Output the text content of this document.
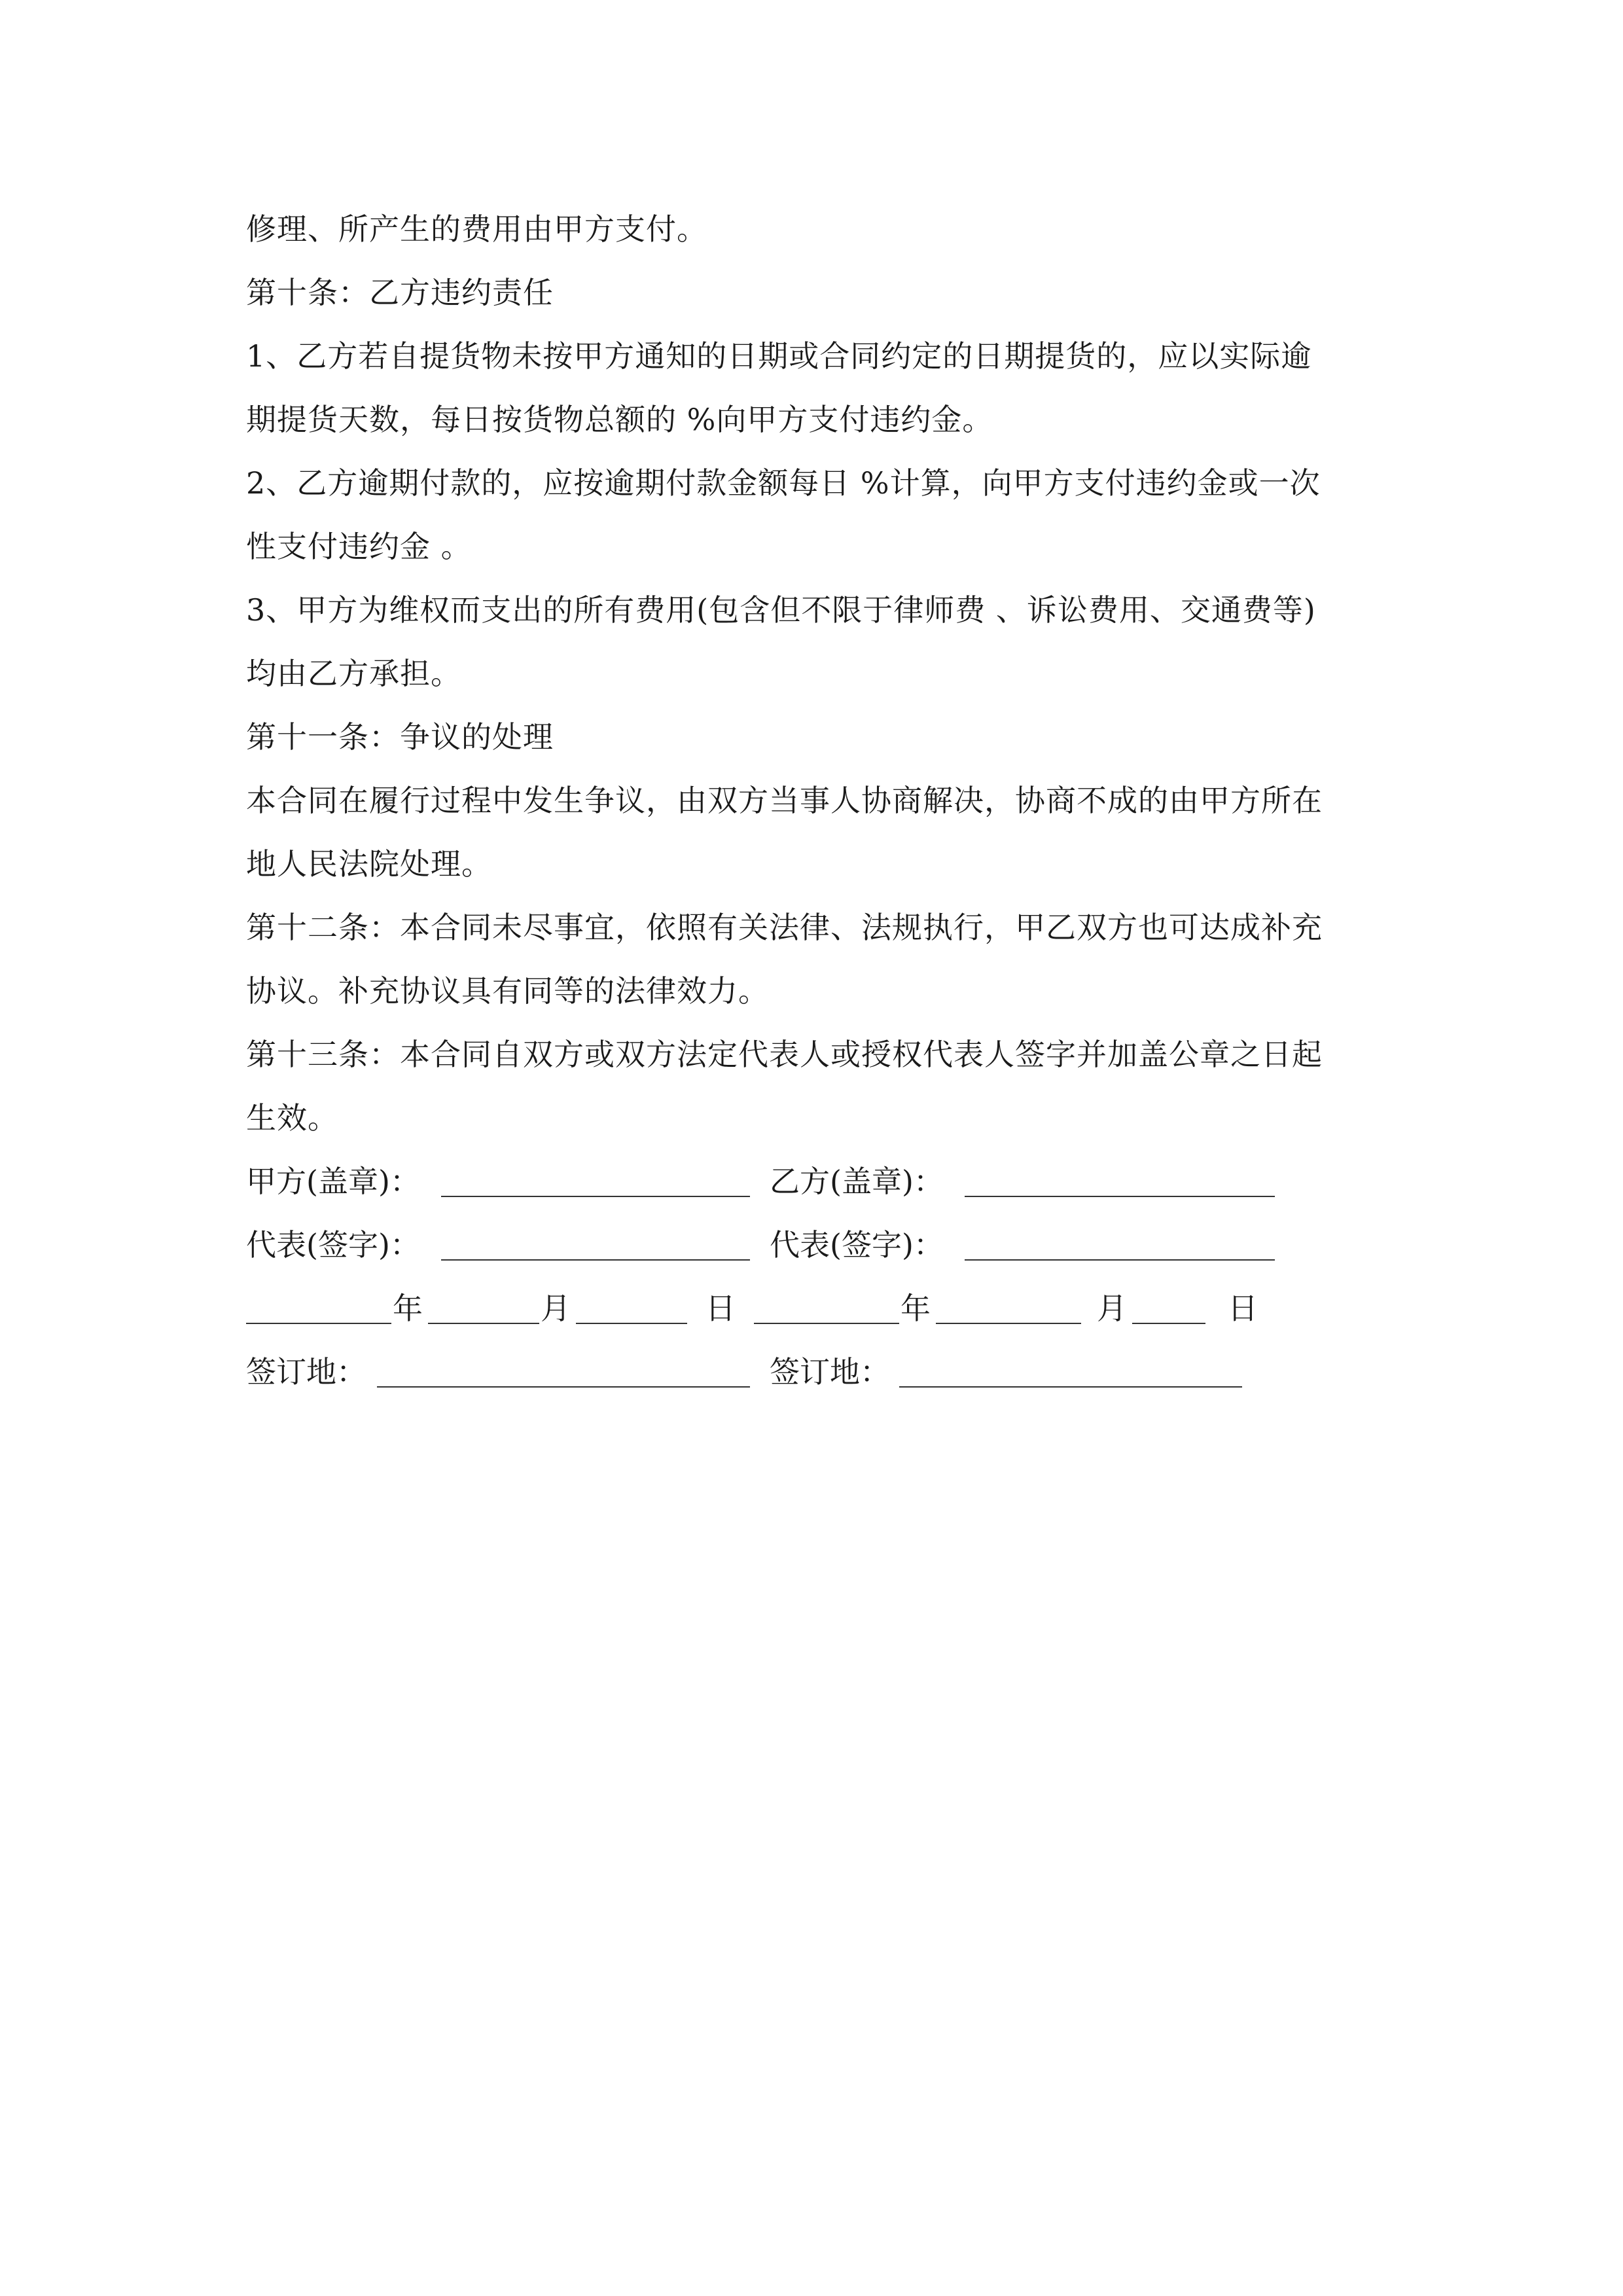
修理、所产生的费用由甲方支付。
第十条：乙方违约责任
1、乙方若自提货物未按甲方通知的日期或合同约定的日期提货的，应以实际逾
期提货天数，每日按货物总额的 %向甲方支付违约金。
2、乙方逾期付款的，应按逾期付款金额每日 %计算，向甲方支付违约金或一次
性支付违约金 。
3、甲方为维权而支出的所有费用(包含但不限于律师费 、诉讼费用、交通费等)
均由乙方承担。
第十一条：争议的处理
本合同在履行过程中发生争议，由双方当事人协商解决，协商不成的由甲方所在
地人民法院处理。
第十二条：本合同未尽事宜，依照有关法律、法规执行，甲乙双方也可达成补充
协议。补充协议具有同等的法律效力。
第十三条：本合同自双方或双方法定代表人或授权代表人签字并加盖公章之日起
生效。
甲方(盖章)：	乙方(盖章)：
代表(签字)：	代表(签字)：
年	月	日	年	月	日
签订地：	签订地：
